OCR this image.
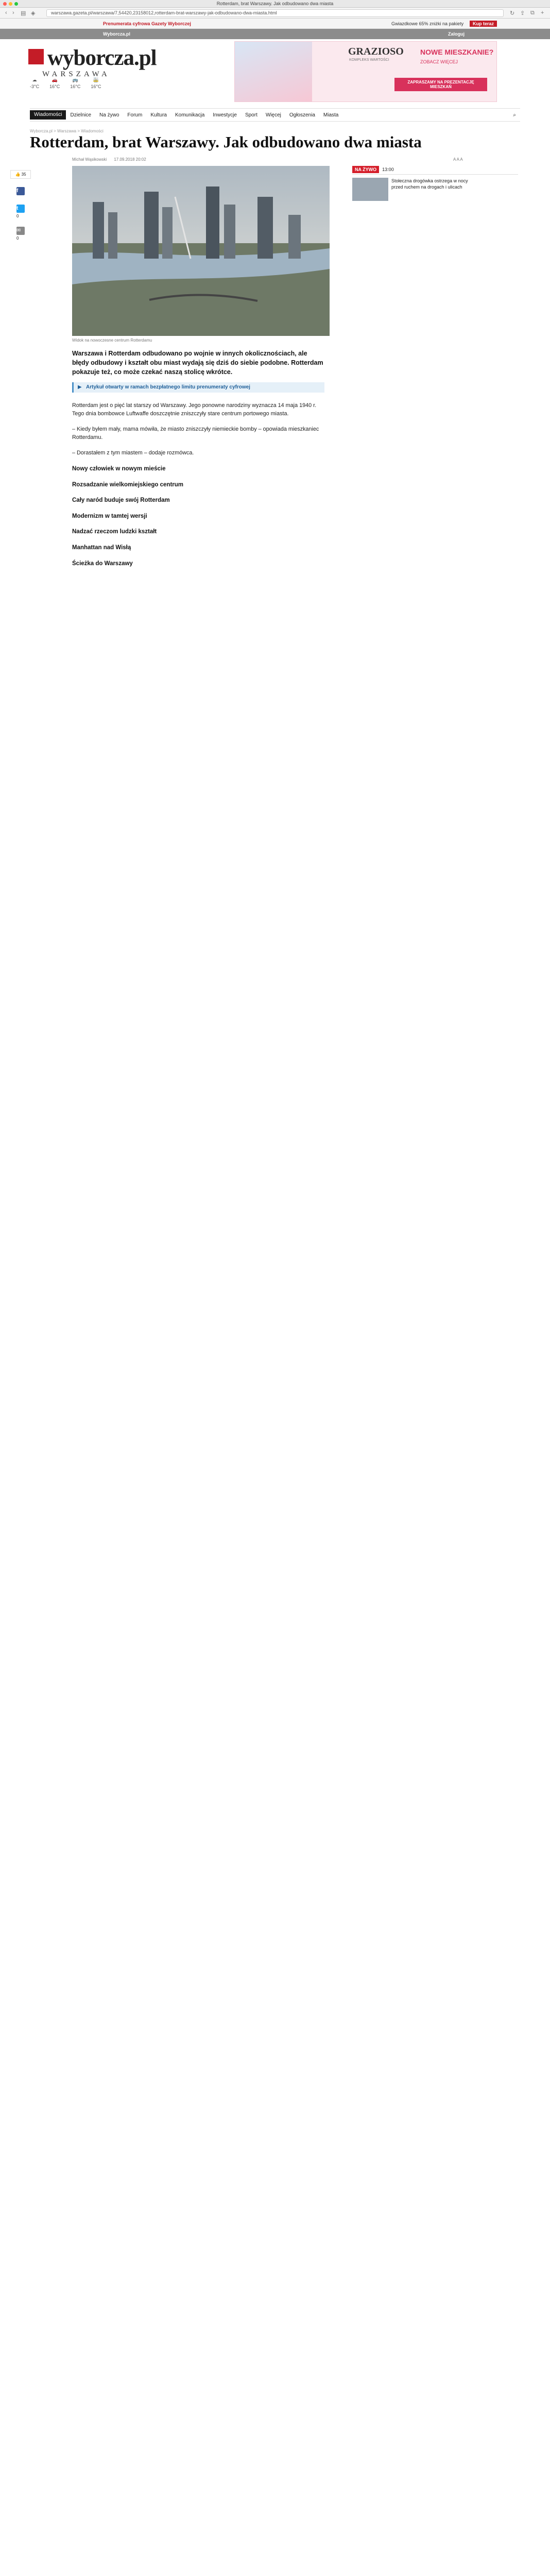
Rotterdam, brat Warszawy. Jak odbudowano dwa miasta
‹ › ▤ ◈	warszawa.gazeta.pl/warszawa/7,54420,23158012,rotterdam-brat-warszawy-jak-odbudowano-dwa-miasta.html	↻ ⇪ ⧉ +
Prenumerata cyfrowa Gazety Wyborczej	Gwiazdkowe 65% zniżki na pakiety	Kup teraz
Wyborcza.pl	Zaloguj
wyborcza.pl
WARSZAWA
☁
-3°C
🚗
16°C
🚌
16°C
🚋
16°C
GRAZIOSO
KOMPLEKS WARTOŚCI
NOWE MIESZKANIE?
ZOBACZ WIĘCEJ
ZAPRASZAMY NA PREZENTACJĘ MIESZKAŃ
Wiadomości	Dzielnice	Na żywo	Forum	Kultura	Komunikacja	Inwestycje	Sport	Więcej	Ogłoszenia	Miasta	⌕
Wyborcza.pl > Warszawa > Wiadomości
Rotterdam, brat Warszawy. Jak odbudowano dwa miasta
Michał Wąsikowski 17.09.2018 20:02	A A A
👍 35
f
t
0
✉
0
Widok na nowoczesne centrum Rotterdamu
Warszawa i Rotterdam odbudowano po wojnie w innych okolicznościach, ale błędy odbudowy i kształt obu miast wydają się dziś do siebie podobne. Rotterdam pokazuje też, co może czekać naszą stolicę wkrótce.
▶ Artykuł otwarty w ramach bezpłatnego limitu prenumeraty cyfrowej

Rotterdam jest o pięć lat starszy od Warszawy. Jego ponowne narodziny wyznacza 14 maja 1940 r. Tego dnia bombowce Luftwaffe doszczętnie zniszczyły stare centrum portowego miasta.

– Kiedy byłem mały, mama mówiła, że miasto zniszczyły niemieckie bomby – opowiada mieszkaniec Rotterdamu.

– Dorastałem z tym miastem – dodaje rozmówca.

Nowy człowiek w nowym mieście
Rozsadzanie wielkomiejskiego centrum
Cały naród buduje swój Rotterdam
Modernizm w tamtej wersji
Nadzać rzeczom ludzki kształt
Manhattan nad Wisłą
Ścieżka do Warszawy
NA ŻYWO	13:00
Stołeczna drogówka ostrzega w nocy przed ruchem na drogach i ulicach
